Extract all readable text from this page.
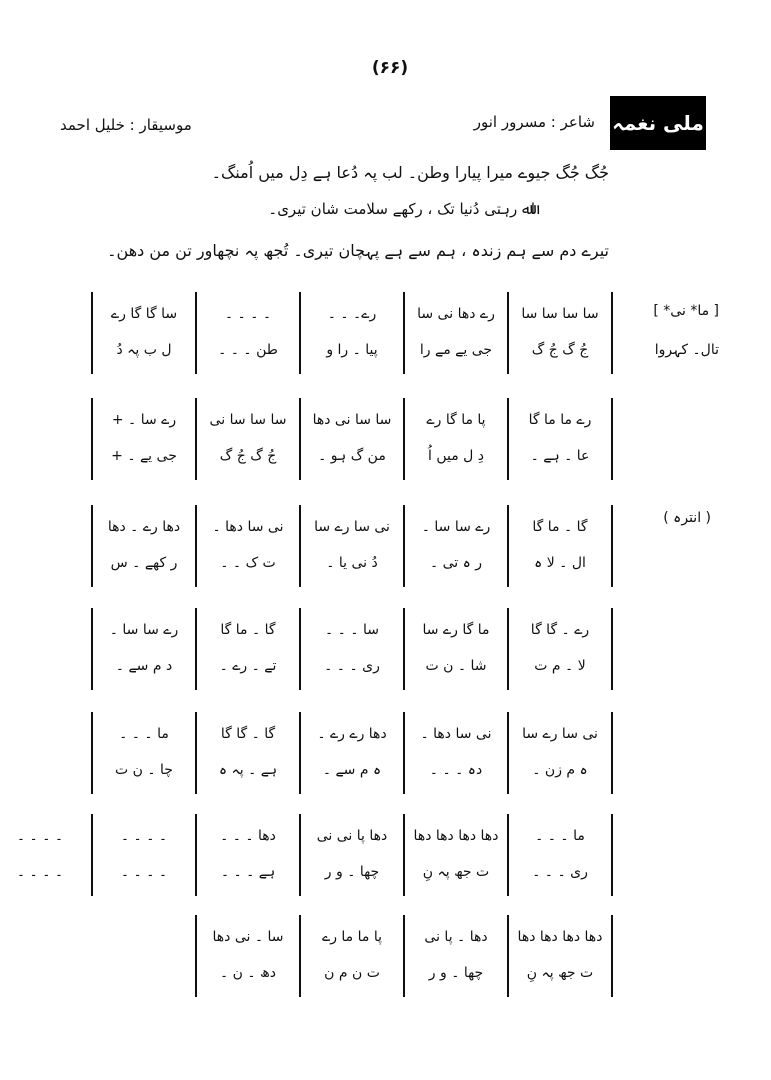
(۶۶)
ملی نغمہ
شاعر : مسرور انور
موسیقار : خلیل احمد
جُگ جُگ جیوے میرا پیارا وطن۔ لب پہ دُعا ہے دِل میں اُمنگ۔
اﷲ رہتی دُنیا تک ، رکھے سلامت شان تیری۔
تیرے دم سے ہم زندہ ، ہم سے ہے پہچان تیری۔ تُجھ پہ نچھاور تن من دھن۔
[ ما* نی* ]
تال۔ کہروا
( انترہ )
سا سا سا سا
جُ گ جُ گ
رے دھا نی سا
جی یے مے را
رے۔ ۔ ۔
پیا ۔ را و
۔ ۔ ۔ ۔
طن ۔ ۔ ۔
سا گا گا رے
ل ب پہ دُ
رے ما ما گا
عا ۔ ہے ۔
پا ما گا رے
دِ ل میں اُ
سا سا نی دھا
من گ ہو ۔
سا سا سا نی
جُ گ جُ گ
رے سا ۔ +
جی یے ۔ +
گا ۔ ما گا
ال ۔ لا ہ
رے سا سا ۔
ر ہ تی ۔
نی سا رے سا
دُ نی یا ۔
نی سا دھا ۔
ت ک ۔ ۔
دھا رے ۔ دھا
ر کھے ۔ س
رے ۔ گا گا
لا ۔ م ت
ما گا رے سا
شا ۔ ن ت
سا ۔ ۔ ۔
ری ۔ ۔ ۔
گا ۔ ما گا
تے ۔ رے ۔
رے سا سا ۔
د م سے ۔
نی سا رے سا
ہ م زن ۔
نی سا دھا ۔
دہ ۔ ۔ ۔
دھا رے رے ۔
ہ م سے ۔
گا ۔ گا گا
ہے ۔ پہ ہ
ما ۔ ۔ ۔
چا ۔ ن ت
ما ۔ ۔ ۔
ری ۔ ۔ ۔
دھا دھا دھا دھا
ت جھ پہ نِ
دھا پا نی نی
چھا ۔ و ر
دھا ۔ ۔ ۔
ہے ۔ ۔ ۔
۔ ۔ ۔ ۔
۔ ۔ ۔ ۔
۔ ۔ ۔ ۔
۔ ۔ ۔ ۔
دھا دھا دھا دھا
ت جھ پہ نِ
دھا ۔ پا نی
چھا ۔ و ر
پا ما ما رے
ت ن م ن
سا ۔ نی دھا
دھ ۔ ن ۔
